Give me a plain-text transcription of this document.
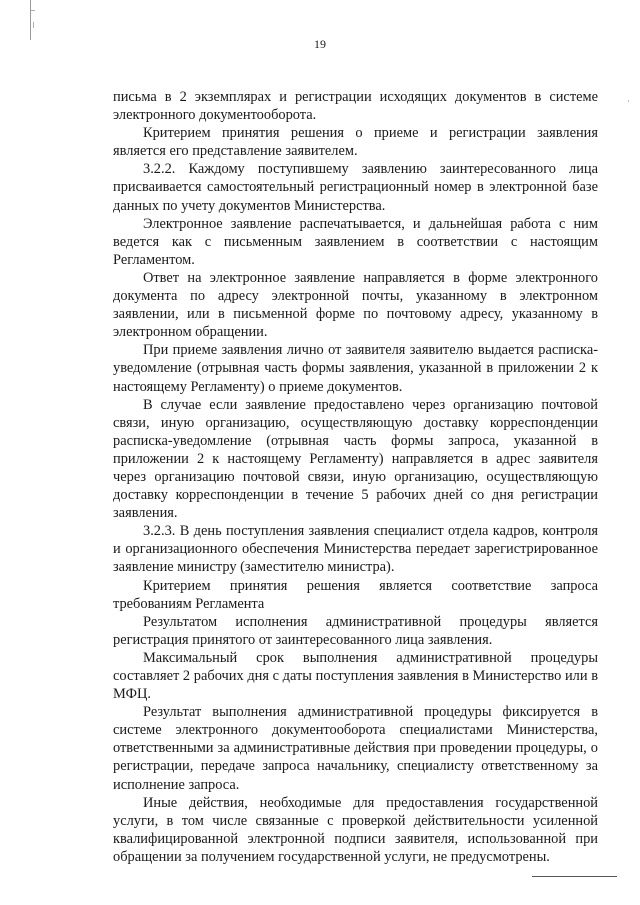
19

письма в 2 экземплярах и регистрации исходящих документов в системе электронного документооборота.

Критерием принятия решения о приеме и регистрации заявления является его представление заявителем.

3.2.2. Каждому поступившему заявлению заинтересованного лица присваивается самостоятельный регистрационный номер в электронной базе данных по учету документов Министерства.

Электронное заявление распечатывается, и дальнейшая работа с ним ведется как с письменным заявлением в соответствии с настоящим Регламентом.

Ответ на электронное заявление направляется в форме электронного документа по адресу электронной почты, указанному в электронном заявлении, или в письменной форме по почтовому адресу, указанному в электронном обращении.

При приеме заявления лично от заявителя заявителю выдается расписка-уведомление (отрывная часть формы заявления, указанной в приложении 2 к настоящему Регламенту) о приеме документов.

В случае если заявление предоставлено через организацию почтовой связи, иную организацию, осуществляющую доставку корреспонденции расписка-уведомление (отрывная часть формы запроса, указанной в приложении 2 к настоящему Регламенту) направляется в адрес заявителя через организацию почтовой связи, иную организацию, осуществляющую доставку корреспонденции в течение 5 рабочих дней со дня регистрации заявления.

3.2.3. В день поступления заявления специалист отдела кадров, контроля и организационного обеспечения Министерства передает зарегистрированное заявление министру (заместителю министра).

Критерием принятия решения является соответствие запроса требованиям Регламента

Результатом исполнения административной процедуры является регистрация принятого от заинтересованного лица заявления.

Максимальный срок выполнения административной процедуры составляет 2 рабочих дня с даты поступления заявления в Министерство или в МФЦ.

Результат выполнения административной процедуры фиксируется в системе электронного документооборота специалистами Министерства, ответственными за административные действия при проведении процедуры, о регистрации, передаче запроса начальнику, специалисту ответственному за исполнение запроса.

Иные действия, необходимые для предоставления государственной услуги, в том числе связанные с проверкой действительности усиленной квалифицированной электронной подписи заявителя, использованной при обращении за получением государственной услуги, не предусмотрены.
